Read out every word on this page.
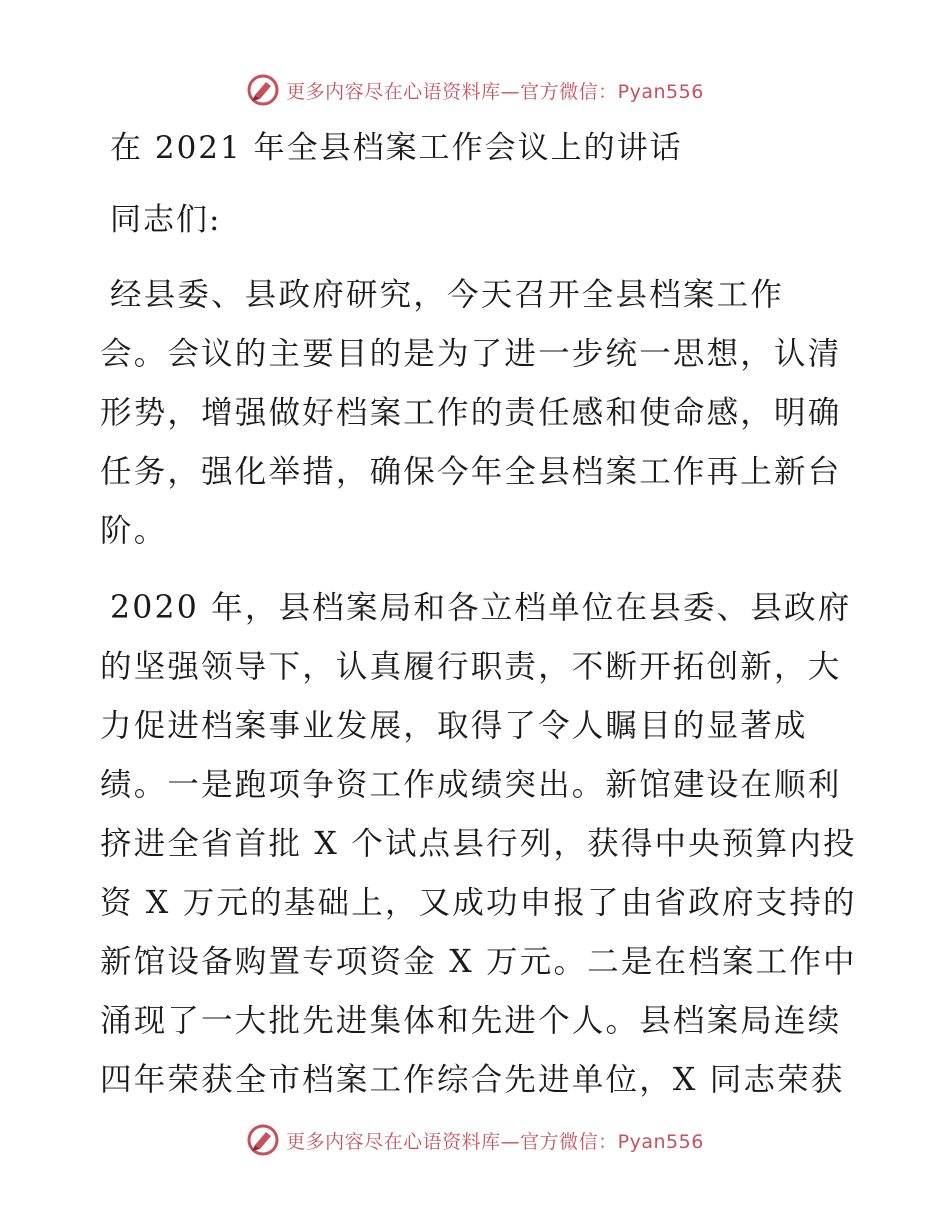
更多内容尽在心语资料库—官方微信：Pyan556
在 2021 年全县档案工作会议上的讲话
同志们:
经县委、县政府研究，今天召开全县档案工作
会。会议的主要目的是为了进一步统一思想，认清
形势，增强做好档案工作的责任感和使命感，明确
任务，强化举措，确保今年全县档案工作再上新台
阶。
2020 年，县档案局和各立档单位在县委、县政府
的坚强领导下，认真履行职责，不断开拓创新，大
力促进档案事业发展，取得了令人瞩目的显著成
绩。一是跑项争资工作成绩突出。新馆建设在顺利
挤进全省首批 X 个试点县行列，获得中央预算内投
资 X 万元的基础上，又成功申报了由省政府支持的
新馆设备购置专项资金 X 万元。二是在档案工作中
涌现了一大批先进集体和先进个人。县档案局连续
四年荣获全市档案工作综合先进单位，X 同志荣获
更多内容尽在心语资料库—官方微信：Pyan556
